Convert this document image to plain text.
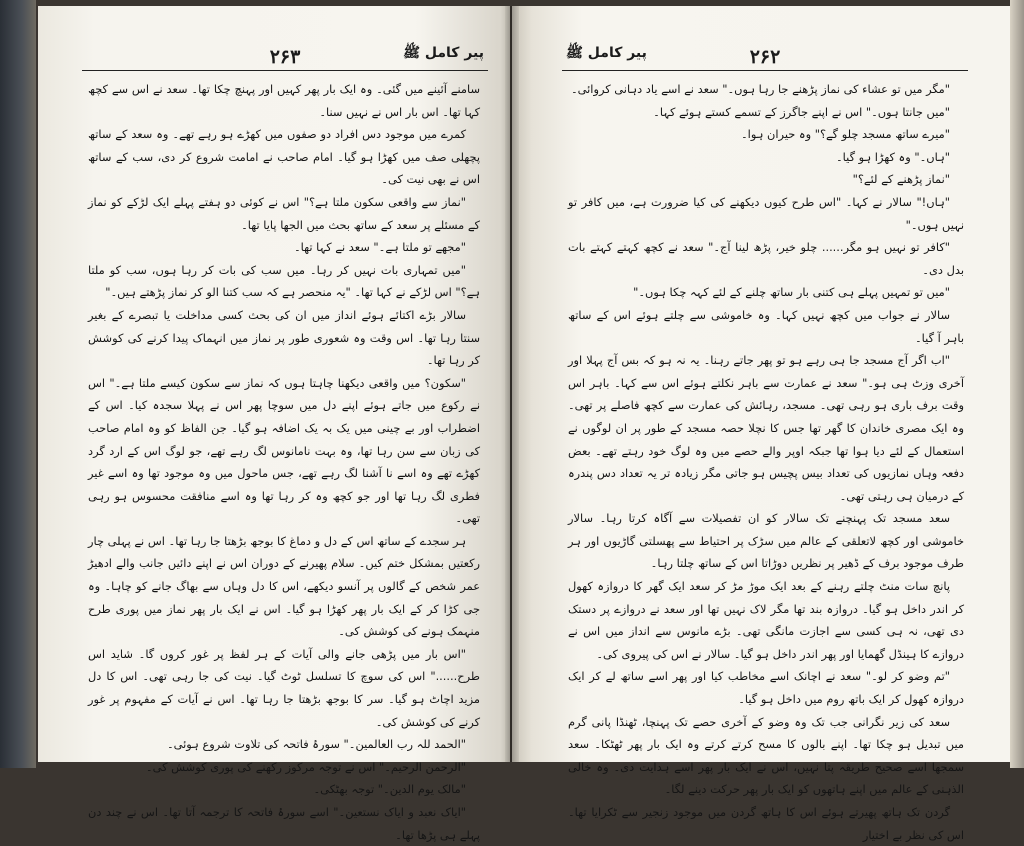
۲۶۳	پیر کامل ﷺ

سامنے آئینے میں گئی۔ وہ ایک بار پھر کہیں اور پہنچ چکا تھا۔ سعد نے اس سے کچھ کہا تھا۔ اس بار اس نے نہیں سنا۔

کمرے میں موجود دس افراد دو صفوں میں کھڑے ہو رہے تھے۔ وہ سعد کے ساتھ پچھلی صف میں کھڑا ہو گیا۔ امام صاحب نے امامت شروع کر دی، سب کے ساتھ اس نے بھی نیت کی۔

"نماز سے واقعی سکون ملتا ہے؟" اس نے کوئی دو ہفتے پہلے ایک لڑکے کو نماز کے مسئلے پر سعد کے ساتھ بحث میں الجھا پایا تھا۔

"مجھے تو ملتا ہے۔" سعد نے کہا تھا۔

"میں تمہاری بات نہیں کر رہا۔ میں سب کی بات کر رہا ہوں، سب کو ملتا ہے؟" اس لڑکے نے کہا تھا۔ "یہ منحصر ہے کہ سب کتنا الو کر نماز پڑھتے ہیں۔"

سالار بڑے اکتائے ہوئے انداز میں ان کی بحث کسی مداخلت یا تبصرے کے بغیر سنتا رہا تھا۔ اس وقت وہ شعوری طور پر نماز میں انہماک پیدا کرنے کی کوشش کر رہا تھا۔

"سکون؟ میں واقعی دیکھنا چاہتا ہوں کہ نماز سے سکون کیسے ملتا ہے۔" اس نے رکوع میں جاتے ہوئے اپنے دل میں سوچا پھر اس نے پہلا سجدہ کیا۔ اس کے اضطراب اور بے چینی میں یک بہ یک اضافہ ہو گیا۔ جن الفاظ کو وہ امام صاحب کی زبان سے سن رہا تھا، وہ بہت نامانوس لگ رہے تھے، جو لوگ اس کے ارد گرد کھڑے تھے وہ اسے نا آشنا لگ رہے تھے، جس ماحول میں وہ موجود تھا وہ اسے غیر فطری لگ رہا تھا اور جو کچھ وہ کر رہا تھا وہ اسے منافقت محسوس ہو رہی تھی۔

ہر سجدے کے ساتھ اس کے دل و دماغ کا بوجھ بڑھتا جا رہا تھا۔ اس نے پہلی چار رکعتیں بمشکل ختم کیں۔ سلام پھیرنے کے دوران اس نے اپنے دائیں جانب والے ادھیڑ عمر شخص کے گالوں پر آنسو دیکھے، اس کا دل وہاں سے بھاگ جانے کو چاہا۔ وہ جی کڑا کر کے ایک بار پھر کھڑا ہو گیا۔ اس نے ایک بار پھر نماز میں پوری طرح منہمک ہونے کی کوشش کی۔

"اس بار میں پڑھی جانے والی آیات کے ہر لفظ پر غور کروں گا۔ شاید اس طرح......" اس کی سوچ کا تسلسل ٹوٹ گیا۔ نیت کی جا رہی تھی۔ اس کا دل مزید اچاٹ ہو گیا۔ سر کا بوجھ بڑھتا جا رہا تھا۔ اس نے آیات کے مفہوم پر غور کرنے کی کوشش کی۔

"الحمد للہ رب العالمین۔" سورۂ فاتحہ کی تلاوت شروع ہوئی۔

"الرحمن الرحیم۔" اس نے توجہ مرکوز رکھنے کی پوری کوشش کی۔

"مالک یوم الدین۔" توجہ بھٹکی۔

"ایاک نعبد و ایاک نستعین۔" اسے سورۂ فاتحہ کا ترجمہ آتا تھا۔ اس نے چند دن پہلے ہی پڑھا تھا۔

۲۶۲
پیر کامل ﷺ

"مگر میں تو عشاء کی نماز پڑھنے جا رہا ہوں۔" سعد نے اسے یاد دہانی کروائی۔

"میں جانتا ہوں۔" اس نے اپنے جاگرز کے تسمے کستے ہوئے کہا۔

"میرے ساتھ مسجد چلو گے؟" وہ حیران ہوا۔

"ہاں۔" وہ کھڑا ہو گیا۔

"نماز پڑھنے کے لئے؟"

"ہاں!" سالار نے کہا۔ "اس طرح کیوں دیکھنے کی کیا ضرورت ہے، میں کافر تو نہیں ہوں۔"

"کافر تو نہیں ہو مگر...... چلو خیر، پڑھ لینا آج۔" سعد نے کچھ کہتے کہتے بات بدل دی۔

"میں تو تمہیں پہلے ہی کتنی بار ساتھ چلنے کے لئے کہہ چکا ہوں۔"

سالار نے جواب میں کچھ نہیں کہا۔ وہ خاموشی سے چلتے ہوئے اس کے ساتھ باہر آ گیا۔

"اب اگر آج مسجد جا ہی رہے ہو تو پھر جاتے رہنا۔ یہ نہ ہو کہ بس آج پہلا اور آخری وزٹ ہی ہو۔" سعد نے عمارت سے باہر نکلتے ہوئے اس سے کہا۔ باہر اس وقت برف باری ہو رہی تھی۔ مسجد، رہائش کی عمارت سے کچھ فاصلے پر تھی۔ وہ ایک مصری خاندان کا گھر تھا جس کا نچلا حصہ مسجد کے طور پر ان لوگوں نے استعمال کے لئے دیا ہوا تھا جبکہ اوپر والے حصے میں وہ لوگ خود رہتے تھے۔ بعض دفعہ وہاں نمازیوں کی تعداد بیس پچیس ہو جاتی مگر زیادہ تر یہ تعداد دس پندرہ کے درمیان ہی رہتی تھی۔

سعد مسجد تک پہنچنے تک سالار کو ان تفصیلات سے آگاہ کرتا رہا۔ سالار خاموشی اور کچھ لاتعلقی کے عالم میں سڑک پر احتیاط سے پھسلتی گاڑیوں اور ہر طرف موجود برف کے ڈھیر پر نظریں دوڑاتا اس کے ساتھ چلتا رہا۔

پانچ سات منٹ چلتے رہنے کے بعد ایک موڑ مڑ کر سعد ایک گھر کا دروازہ کھول کر اندر داخل ہو گیا۔ دروازہ بند تھا مگر لاک نہیں تھا اور سعد نے دروازے پر دستک دی تھی، نہ ہی کسی سے اجازت مانگی تھی۔ بڑے مانوس سے انداز میں اس نے دروازے کا ہینڈل گھمایا اور پھر اندر داخل ہو گیا۔ سالار نے اس کی پیروی کی۔

"تم وضو کر لو۔" سعد نے اچانک اسے مخاطب کیا اور پھر اسے ساتھ لے کر ایک دروازہ کھول کر ایک باتھ روم میں داخل ہو گیا۔

سعد کی زیر نگرانی جب تک وہ وضو کے آخری حصے تک پہنچا، ٹھنڈا پانی گرم میں تبدیل ہو چکا تھا۔ اپنے بالوں کا مسح کرتے کرتے وہ ایک بار پھر ٹھٹکا۔ سعد سمجھا اسے صحیح طریقہ پتا نہیں، اس نے ایک بار پھر اسے ہدایت دی۔ وہ خالی الذہنی کے عالم میں اپنے ہاتھوں کو ایک بار پھر حرکت دینے لگا۔

گردن تک ہاتھ پھیرتے ہوئے اس کا ہاتھ گردن میں موجود زنجیر سے ٹکرایا تھا۔ اس کی نظر بے اختیار
